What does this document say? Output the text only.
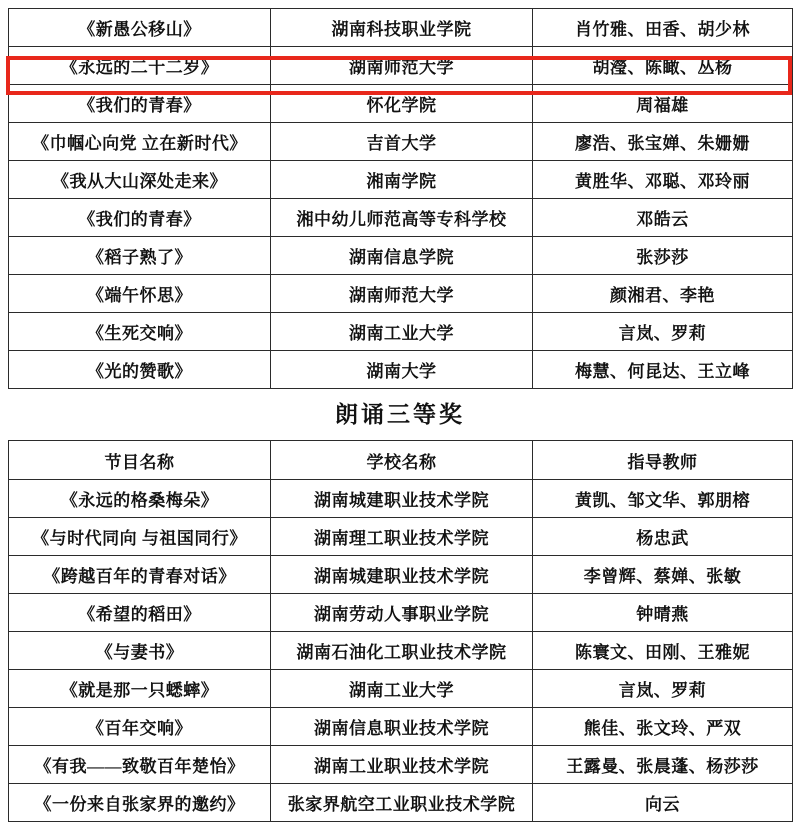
《新愚公移山》	湖南科技职业学院	肖竹雅、田香、胡少林
《永远的二十二岁》	湖南师范大学	胡瀅、陈瞰、丛杨
《我们的青春》	怀化学院	周福雄
《巾帼心向党 立在新时代》	吉首大学	廖浩、张宝婵、朱姗姗
《我从大山深处走来》	湘南学院	黄胜华、邓聪、邓玲丽
《我们的青春》	湘中幼儿师范高等专科学校	邓皓云
《稻子熟了》	湖南信息学院	张莎莎
《端午怀思》	湖南师范大学	颜湘君、李艳
《生死交响》	湖南工业大学	言岚、罗莉
《光的赞歌》	湖南大学	梅慧、何昆达、王立峰
朗诵三等奖
节目名称	学校名称	指导教师
《永远的格桑梅朵》	湖南城建职业技术学院	黄凯、邹文华、郭朋榕
《与时代同向 与祖国同行》	湖南理工职业技术学院	杨忠武
《跨越百年的青春对话》	湖南城建职业技术学院	李曾辉、蔡婵、张敏
《希望的稻田》	湖南劳动人事职业学院	钟晴燕
《与妻书》	湖南石油化工职业技术学院	陈寰文、田刚、王雅妮
《就是那一只蟋蟀》	湖南工业大学	言岚、罗莉
《百年交响》	湖南信息职业技术学院	熊佳、张文玲、严双
《有我——致敬百年楚怡》	湖南工业职业技术学院	王露曼、张晨蓬、杨莎莎
《一份来自张家界的邀约》	张家界航空工业职业技术学院	向云
